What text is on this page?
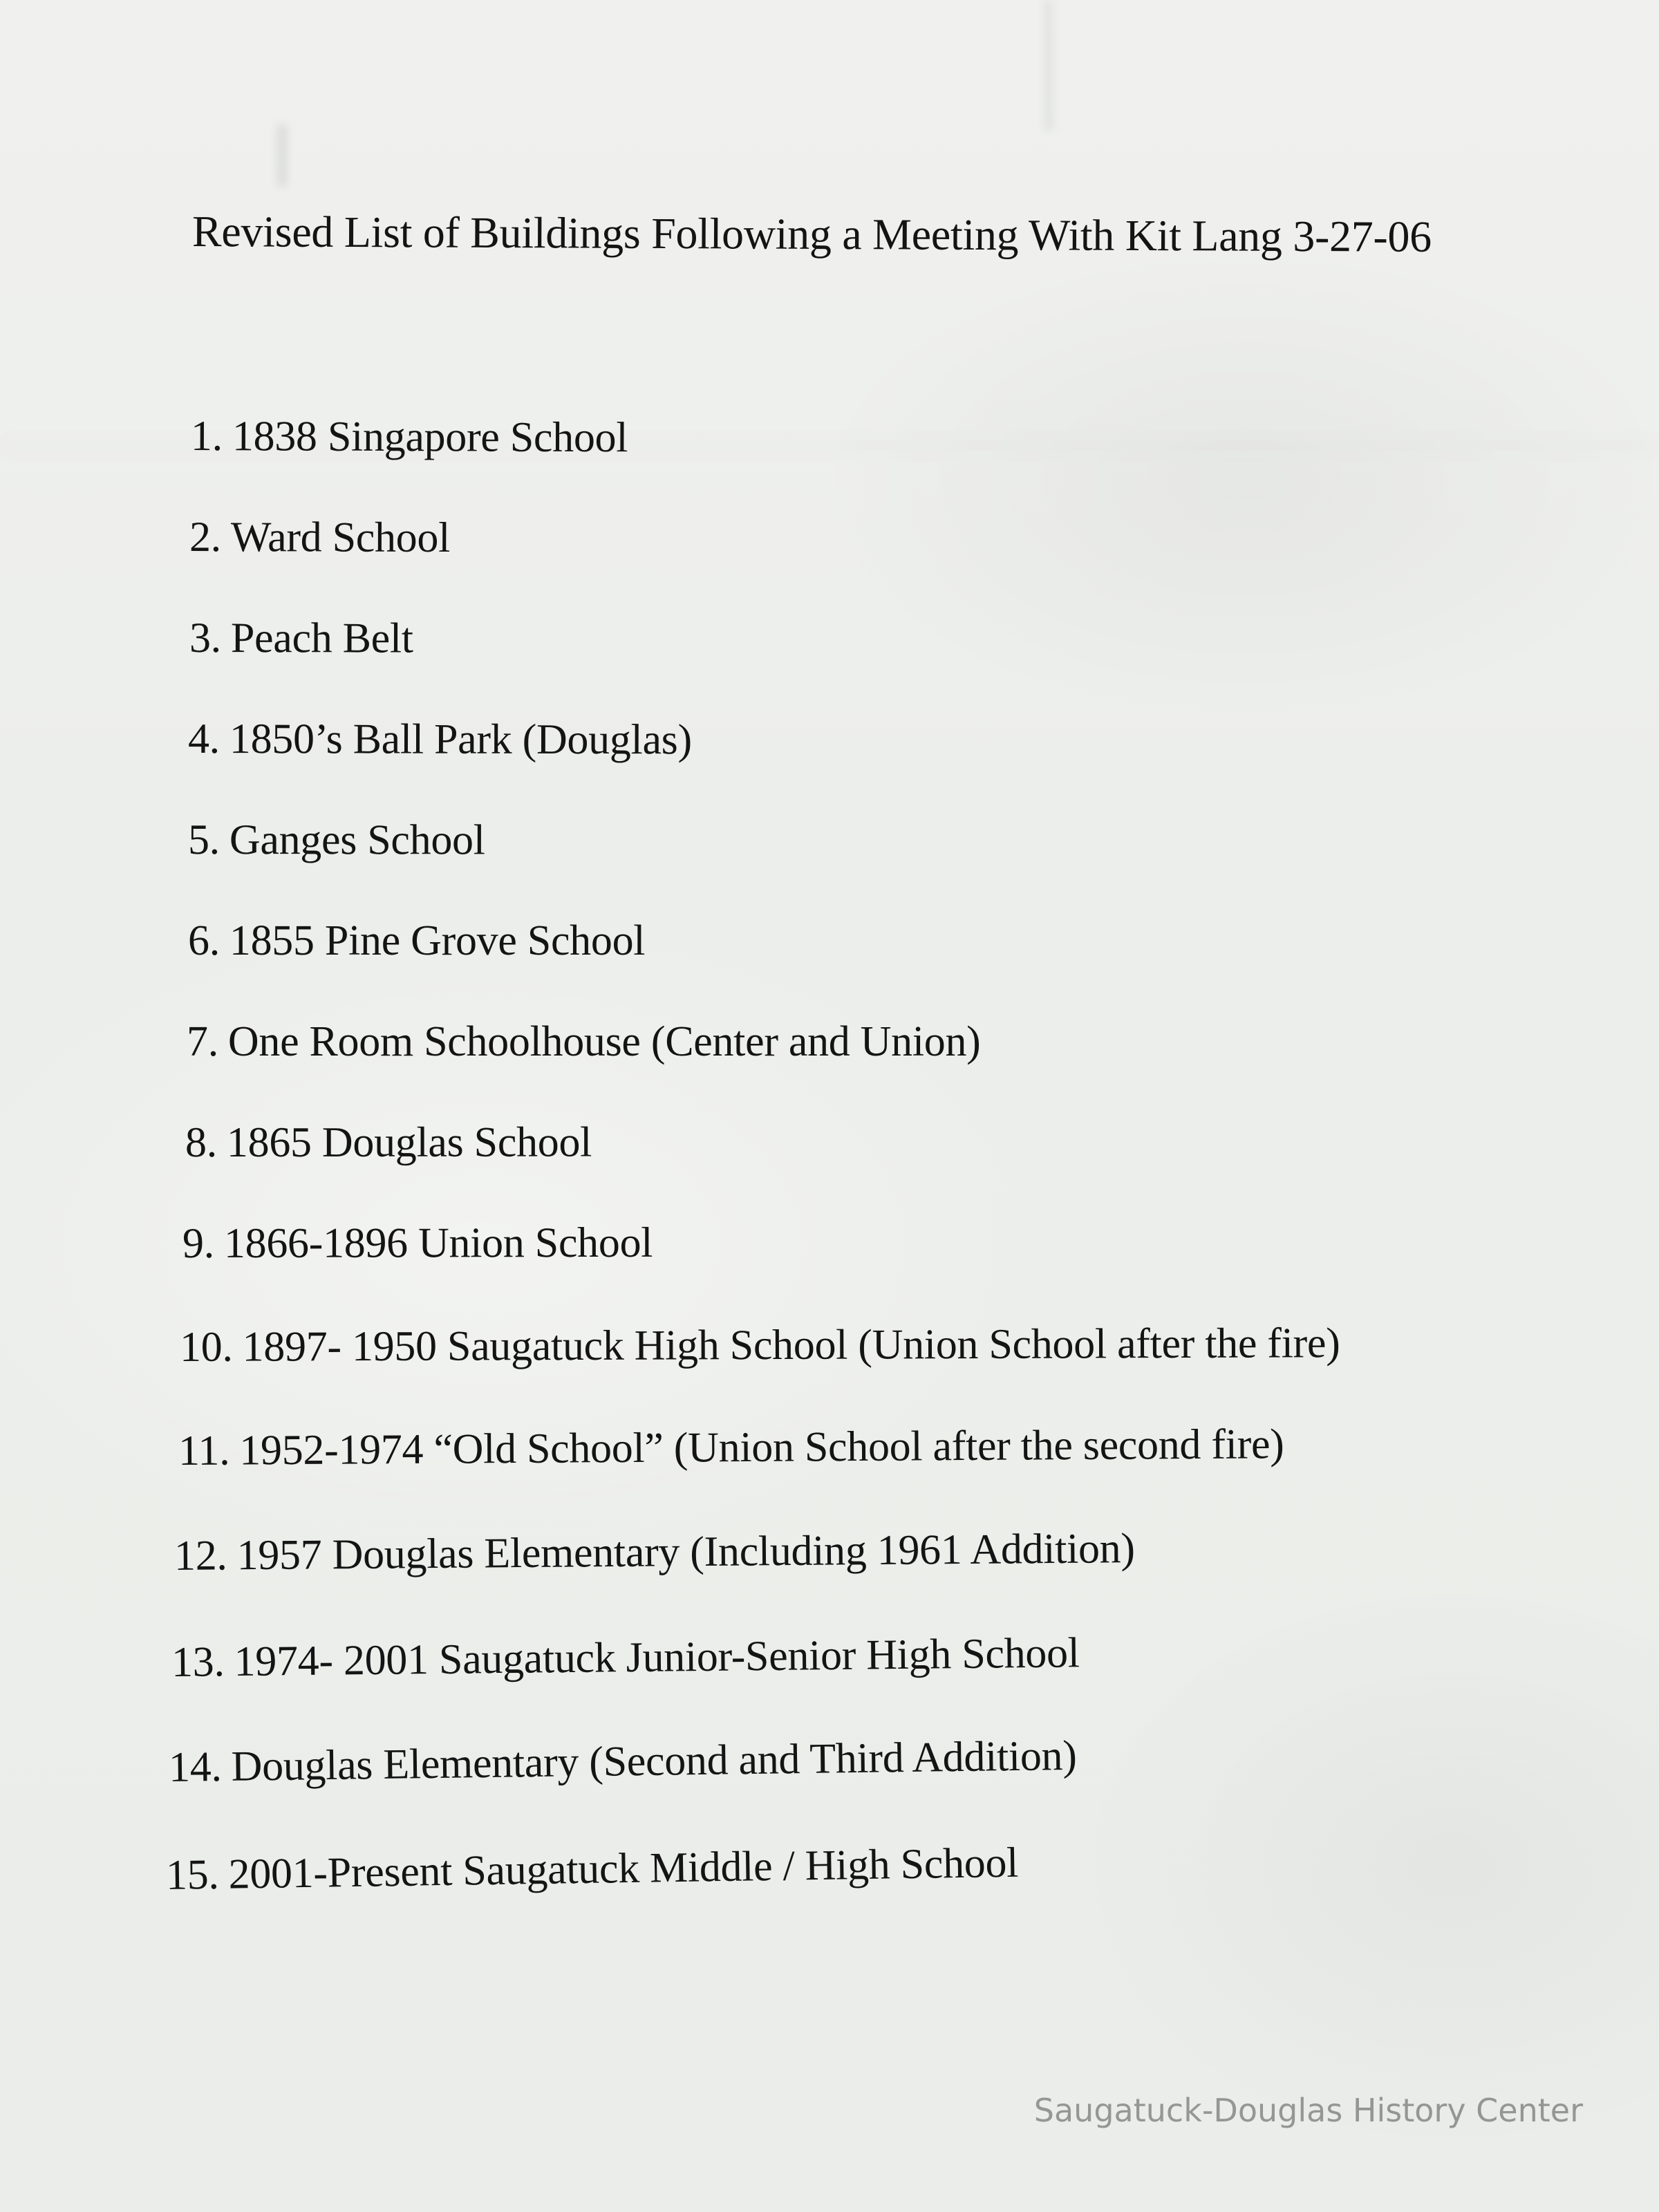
Revised List of Buildings Following a Meeting With Kit Lang 3-27-06
1. 1838 Singapore School
2. Ward School
3. Peach Belt
4. 1850’s Ball Park (Douglas)
5. Ganges School
6. 1855 Pine Grove School
7. One Room Schoolhouse (Center and Union)
8. 1865 Douglas School
9. 1866-1896 Union School
10. 1897- 1950 Saugatuck High School (Union School after the fire)
11. 1952-1974 “Old School” (Union School after the second fire)
12. 1957 Douglas Elementary (Including 1961 Addition)
13. 1974- 2001 Saugatuck Junior-Senior High School
14. Douglas Elementary (Second and Third Addition)
15. 2001-Present Saugatuck Middle / High School
Saugatuck-Douglas History Center
